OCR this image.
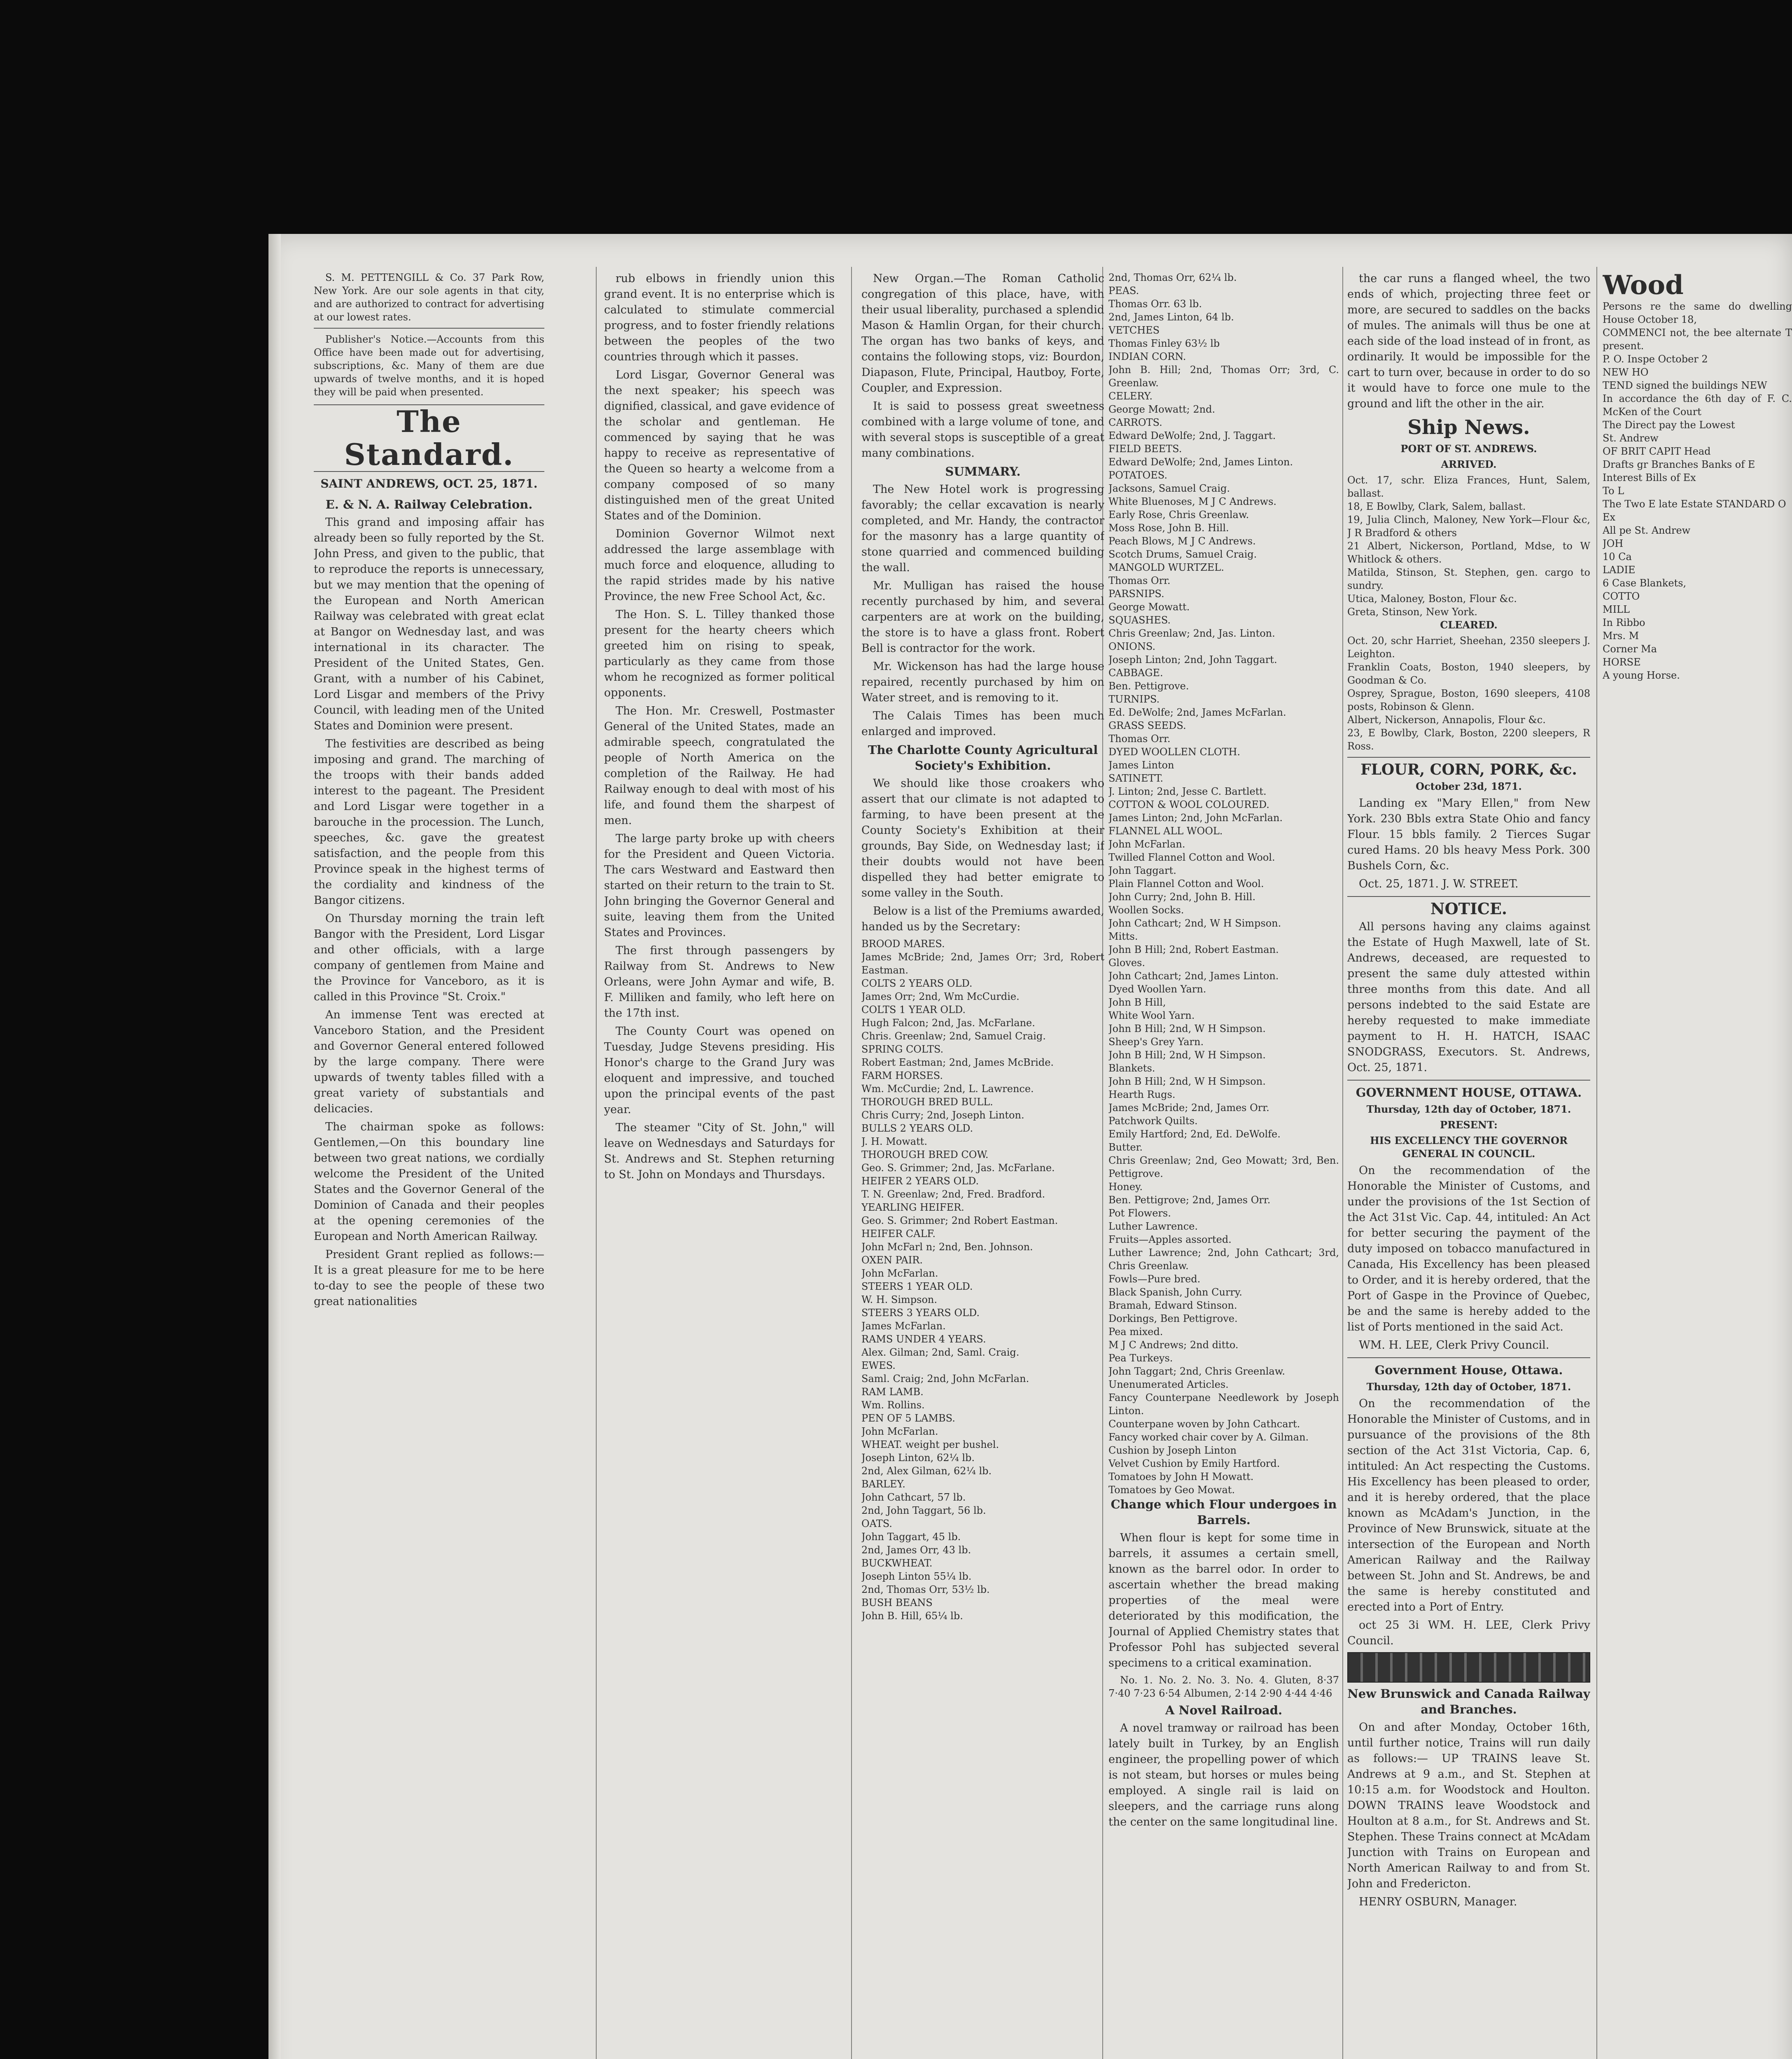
S. M. PETTENGILL & Co. 37 Park Row, New York. Are our sole agents in that city, and are authorized to contract for advertising at our lowest rates.

Publisher's Notice.—Accounts from this Office have been made out for advertising, subscriptions, &c. Many of them are due upwards of twelve months, and it is hoped they will be paid when presented.

The Standard.
SAINT ANDREWS, OCT. 25, 1871.

E. & N. A. Railway Celebration.

This grand and imposing affair has already been so fully reported by the St. John Press, and given to the public, that to reproduce the reports is unnecessary, but we may mention that the opening of the European and North American Railway was celebrated with great eclat at Bangor on Wednesday last, and was international in its character. The President of the United States, Gen. Grant, with a number of his Cabinet, Lord Lisgar and members of the Privy Council, with leading men of the United States and Dominion were present.

The festivities are described as being imposing and grand. The marching of the troops with their bands added interest to the pageant. The President and Lord Lisgar were together in a barouche in the procession. The Lunch, speeches, &c. gave the greatest satisfaction, and the people from this Province speak in the highest terms of the cordiality and kindness of the Bangor citizens.

On Thursday morning the train left Bangor with the President, Lord Lisgar and other officials, with a large company of gentlemen from Maine and the Province for Vanceboro, as it is called in this Province "St. Croix."

An immense Tent was erected at Vanceboro Station, and the President and Governor General entered followed by the large company. There were upwards of twenty tables filled with a great variety of substantials and delicacies.

The chairman spoke as follows: Gentlemen,—On this boundary line between two great nations, we cordially welcome the President of the United States and the Governor General of the Dominion of Canada and their peoples at the opening ceremonies of the European and North American Railway.

President Grant replied as follows:— It is a great pleasure for me to be here to-day to see the people of these two great nationalities

rub elbows in friendly union this grand event. It is no enterprise which is calculated to stimulate commercial progress, and to foster friendly relations between the peoples of the two countries through which it passes.

Lord Lisgar, Governor General was the next speaker; his speech was dignified, classical, and gave evidence of the scholar and gentleman. He commenced by saying that he was happy to receive as representative of the Queen so hearty a welcome from a company composed of so many distinguished men of the great United States and of the Dominion.

Dominion Governor Wilmot next addressed the large assemblage with much force and eloquence, alluding to the rapid strides made by his native Province, the new Free School Act, &c.

The Hon. S. L. Tilley thanked those present for the hearty cheers which greeted him on rising to speak, particularly as they came from those whom he recognized as former political opponents.

The Hon. Mr. Creswell, Postmaster General of the United States, made an admirable speech, congratulated the people of North America on the completion of the Railway. He had Railway enough to deal with most of his life, and found them the sharpest of men.

The large party broke up with cheers for the President and Queen Victoria. The cars Westward and Eastward then started on their return to the train to St. John bringing the Governor General and suite, leaving them from the United States and Provinces.

The first through passengers by Railway from St. Andrews to New Orleans, were John Aymar and wife, B. F. Milliken and family, who left here on the 17th inst.

The County Court was opened on Tuesday, Judge Stevens presiding. His Honor's charge to the Grand Jury was eloquent and impressive, and touched upon the principal events of the past year.

The steamer "City of St. John," will leave on Wednesdays and Saturdays for St. Andrews and St. Stephen returning to St. John on Mondays and Thursdays.

New Organ.—The Roman Catholic congregation of this place, have, with their usual liberality, purchased a splendid Mason & Hamlin Organ, for their church. The organ has two banks of keys, and contains the following stops, viz: Bourdon, Diapason, Flute, Principal, Hautboy, Forte, Coupler, and Expression.

It is said to possess great sweetness combined with a large volume of tone, and with several stops is susceptible of a great many combinations.

SUMMARY.

The New Hotel work is progressing favorably; the cellar excavation is nearly completed, and Mr. Handy, the contractor for the masonry has a large quantity of stone quarried and commenced building the wall.

Mr. Mulligan has raised the house recently purchased by him, and several carpenters are at work on the building, the store is to have a glass front. Robert Bell is contractor for the work.

Mr. Wickenson has had the large house repaired, recently purchased by him on Water street, and is removing to it.

The Calais Times has been much enlarged and improved.

The Charlotte County Agricultural Society's Exhibition.

We should like those croakers who assert that our climate is not adapted to farming, to have been present at the County Society's Exhibition at their grounds, Bay Side, on Wednesday last; if their doubts would not have been dispelled they had better emigrate to some valley in the South.

Below is a list of the Premiums awarded, handed us by the Secretary:

BROOD MARES.
James McBride; 2nd, James Orr; 3rd, Robert Eastman.
COLTS 2 YEARS OLD.
James Orr; 2nd, Wm McCurdie.
COLTS 1 YEAR OLD.
Hugh Falcon; 2nd, Jas. McFarlane.
Chris. Greenlaw; 2nd, Samuel Craig.
SPRING COLTS.
Robert Eastman; 2nd, James McBride.
FARM HORSES.
Wm. McCurdie; 2nd, L. Lawrence.
THOROUGH BRED BULL.
Chris Curry; 2nd, Joseph Linton.
BULLS 2 YEARS OLD.
J. H. Mowatt.
THOROUGH BRED COW.
Geo. S. Grimmer; 2nd, Jas. McFarlane.
HEIFER 2 YEARS OLD.
T. N. Greenlaw; 2nd, Fred. Bradford.
YEARLING HEIFER.
Geo. S. Grimmer; 2nd Robert Eastman.
HEIFER CALF.
John McFarl n; 2nd, Ben. Johnson.
OXEN PAIR.
John McFarlan.
STEERS 1 YEAR OLD.
W. H. Simpson.
STEERS 3 YEARS OLD.
James McFarlan.
RAMS UNDER 4 YEARS.
Alex. Gilman; 2nd, Saml. Craig.
EWES.
Saml. Craig; 2nd, John McFarlan.
RAM LAMB.
Wm. Rollins.
PEN OF 5 LAMBS.
John McFarlan.
WHEAT. weight per bushel.
Joseph Linton, 62¼ lb.
2nd, Alex Gilman, 62¼ lb.
BARLEY.
John Cathcart, 57 lb.
2nd, John Taggart, 56 lb.
OATS.
John Taggart, 45 lb.
2nd, James Orr, 43 lb.
BUCKWHEAT.
Joseph Linton 55¼ lb.
2nd, Thomas Orr, 53½ lb.
BUSH BEANS
John B. Hill, 65¼ lb.
2nd, Thomas Orr, 62¼ lb.
PEAS.
Thomas Orr. 63 lb.
2nd, James Linton, 64 lb.
VETCHES
Thomas Finley 63½ lb
INDIAN CORN.
John B. Hill; 2nd, Thomas Orr; 3rd, C. Greenlaw.
CELERY.
George Mowatt; 2nd.
CARROTS.
Edward DeWolfe; 2nd, J. Taggart.
FIELD BEETS.
Edward DeWolfe; 2nd, James Linton.
POTATOES.
Jacksons, Samuel Craig.
White Bluenoses, M J C Andrews.
Early Rose, Chris Greenlaw.
Moss Rose, John B. Hill.
Peach Blows, M J C Andrews.
Scotch Drums, Samuel Craig.
MANGOLD WURTZEL.
Thomas Orr.
PARSNIPS.
George Mowatt.
SQUASHES.
Chris Greenlaw; 2nd, Jas. Linton.
ONIONS.
Joseph Linton; 2nd, John Taggart.
CABBAGE.
Ben. Pettigrove.
TURNIPS.
Ed. DeWolfe; 2nd, James McFarlan.
GRASS SEEDS.
Thomas Orr.
DYED WOOLLEN CLOTH.
James Linton
SATINETT.
J. Linton; 2nd, Jesse C. Bartlett.
COTTON & WOOL COLOURED.
James Linton; 2nd, John McFarlan.
FLANNEL ALL WOOL.
John McFarlan.
Twilled Flannel Cotton and Wool.
John Taggart.
Plain Flannel Cotton and Wool.
John Curry; 2nd, John B. Hill.
Woollen Socks.
John Cathcart; 2nd, W H Simpson.
Mitts.
John B Hill; 2nd, Robert Eastman.
Gloves.
John Cathcart; 2nd, James Linton.
Dyed Woollen Yarn.
John B Hill,
White Wool Yarn.
John B Hill; 2nd, W H Simpson.
Sheep's Grey Yarn.
John B Hill; 2nd, W H Simpson.
Blankets.
John B Hill; 2nd, W H Simpson.
Hearth Rugs.
James McBride; 2nd, James Orr.
Patchwork Quilts.
Emily Hartford; 2nd, Ed. DeWolfe.
Butter.
Chris Greenlaw; 2nd, Geo Mowatt; 3rd, Ben. Pettigrove.
Honey.
Ben. Pettigrove; 2nd, James Orr.
Pot Flowers.
Luther Lawrence.
Fruits—Apples assorted.
Luther Lawrence; 2nd, John Cathcart; 3rd, Chris Greenlaw.
Fowls—Pure bred.
Black Spanish, John Curry.
Bramah, Edward Stinson.
Dorkings, Ben Pettigrove.
Pea mixed.
M J C Andrews; 2nd ditto.
Pea Turkeys.
John Taggart; 2nd, Chris Greenlaw.
Unenumerated Articles.
Fancy Counterpane Needlework by Joseph Linton.
Counterpane woven by John Cathcart.
Fancy worked chair cover by A. Gilman.
Cushion by Joseph Linton
Velvet Cushion by Emily Hartford.
Tomatoes by John H Mowatt.
Tomatoes by Geo Mowat.

Change which Flour undergoes in Barrels.

When flour is kept for some time in barrels, it assumes a certain smell, known as the barrel odor. In order to ascertain whether the bread making properties of the meal were deteriorated by this modification, the Journal of Applied Chemistry states that Professor Pohl has subjected several specimens to a critical examination.

No. 1. No. 2. No. 3. No. 4. Gluten, 8·37 7·40 7·23 6·54 Albumen, 2·14 2·90 4·44 4·46

A Novel Railroad.

A novel tramway or railroad has been lately built in Turkey, by an English engineer, the propelling power of which is not steam, but horses or mules being employed. A single rail is laid on sleepers, and the carriage runs along the center on the same longitudinal line.

the car runs a flanged wheel, the two ends of which, projecting three feet or more, are secured to saddles on the backs of mules. The animals will thus be one at each side of the load instead of in front, as ordinarily. It would be impossible for the cart to turn over, because in order to do so it would have to force one mule to the ground and lift the other in the air.

Ship News.

PORT OF ST. ANDREWS.

ARRIVED.

Oct. 17, schr. Eliza Frances, Hunt, Salem, ballast.
18, E Bowlby, Clark, Salem, ballast.
19, Julia Clinch, Maloney, New York—Flour &c, J R Bradford & others
21 Albert, Nickerson, Portland, Mdse, to W Whitlock & others.
Matilda, Stinson, St. Stephen, gen. cargo to sundry.
Utica, Maloney, Boston, Flour &c.
Greta, Stinson, New York.

CLEARED.

Oct. 20, schr Harriet, Sheehan, 2350 sleepers J. Leighton.
Franklin Coats, Boston, 1940 sleepers, by Goodman & Co.
Osprey, Sprague, Boston, 1690 sleepers, 4108 posts, Robinson & Glenn.
Albert, Nickerson, Annapolis, Flour &c.
23, E Bowlby, Clark, Boston, 2200 sleepers, R Ross.

FLOUR, CORN, PORK, &c.

October 23d, 1871.

Landing ex "Mary Ellen," from New York. 230 Bbls extra State Ohio and fancy Flour. 15 bbls family. 2 Tierces Sugar cured Hams. 20 bls heavy Mess Pork. 300 Bushels Corn, &c.

Oct. 25, 1871. J. W. STREET.

NOTICE.

All persons having any claims against the Estate of Hugh Maxwell, late of St. Andrews, deceased, are requested to present the same duly attested within three months from this date. And all persons indebted to the said Estate are hereby requested to make immediate payment to H. H. HATCH, ISAAC SNODGRASS, Executors. St. Andrews, Oct. 25, 1871.

GOVERNMENT HOUSE, OTTAWA.

Thursday, 12th day of October, 1871.

PRESENT:

HIS EXCELLENCY THE GOVERNOR GENERAL IN COUNCIL.

On the recommendation of the Honorable the Minister of Customs, and under the provisions of the 1st Section of the Act 31st Vic. Cap. 44, intituled: An Act for better securing the payment of the duty imposed on tobacco manufactured in Canada, His Excellency has been pleased to Order, and it is hereby ordered, that the Port of Gaspe in the Province of Quebec, be and the same is hereby added to the list of Ports mentioned in the said Act.

WM. H. LEE, Clerk Privy Council.

Government House, Ottawa.

Thursday, 12th day of October, 1871.

On the recommendation of the Honorable the Minister of Customs, and in pursuance of the provisions of the 8th section of the Act 31st Victoria, Cap. 6, intituled: An Act respecting the Customs. His Excellency has been pleased to order, and it is hereby ordered, that the place known as McAdam's Junction, in the Province of New Brunswick, situate at the intersection of the European and North American Railway and the Railway between St. John and St. Andrews, be and the same is hereby constituted and erected into a Port of Entry.

oct 25 3i WM. H. LEE, Clerk Privy Council.

New Brunswick and Canada Railway and Branches.

On and after Monday, October 16th, until further notice, Trains will run daily as follows:— UP TRAINS leave St. Andrews at 9 a.m., and St. Stephen at 10:15 a.m. for Woodstock and Houlton. DOWN TRAINS leave Woodstock and Houlton at 8 a.m., for St. Andrews and St. Stephen. These Trains connect at McAdam Junction with Trains on European and North American Railway to and from St. John and Fredericton.

HENRY OSBURN, Manager.

Wood
Persons re the same do dwelling House October 18,
COMMENCI not, the bee alternate T present.
P. O. Inspe October 2
NEW HO
TEND signed the buildings NEW
In accordance the 6th day of F. C. McKen of the Court
The Direct pay the Lowest
St. Andrew
OF BRIT CAPIT Head
Drafts gr Branches Banks of E
Interest Bills of Ex
To L
The Two E late Estate STANDARD O
Ex
All pe St. Andrew
JOH
10 Ca
LADIE
6 Case Blankets,
COTTO
MILL
In Ribbo
Mrs. M
Corner Ma
HORSE
A young Horse.
